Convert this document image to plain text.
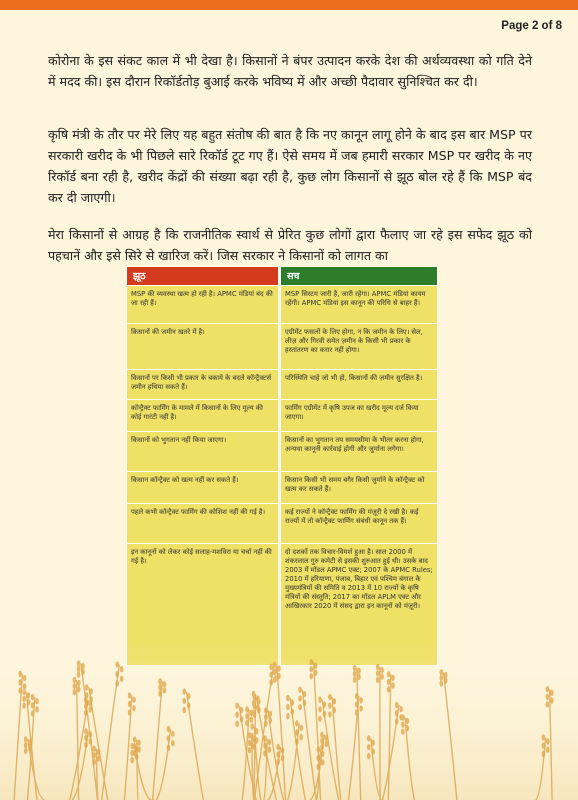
Page 2 of 8

कोरोना के इस संकट काल में भी देखा है। किसानों ने बंपर उत्पादन करके देश की अर्थव्यवस्था को गति देने में मदद की। इस दौरान रिकॉर्डतोड़ बुआई करके भविष्य में और अच्छी पैदावार सुनिश्चित कर दी।

कृषि मंत्री के तौर पर मेरे लिए यह बहुत संतोष की बात है कि नए कानून लागू होने के बाद इस बार MSP पर सरकारी खरीद के भी पिछले सारे रिकॉर्ड टूट गए हैं। ऐसे समय में जब हमारी सरकार MSP पर खरीद के नए रिकॉर्ड बना रही है, खरीद केंद्रों की संख्या बढ़ा रही है, कुछ लोग किसानों से झूठ बोल रहे हैं कि MSP बंद कर दी जाएगी।

मेरा किसानों से आग्रह है कि राजनीतिक स्वार्थ से प्रेरित कुछ लोगों द्वारा फैलाए जा रहे इस सफेद झूठ को पहचानें और इसे सिरे से खारिज करें। जिस सरकार ने किसानों को लागत का

झूठ		सच
MSP की व्यवस्था खत्म हो रही है। APMC मंडियां बंद की जा रही हैं।		MSP सिस्टम जारी है, जारी रहेगा। APMC मंडियां कायम रहेंगी। APMC मंडियां इस कानून की परिधि से बाहर हैं।
किसानों की जमीन खतरे में है।		एग्रीमेंट फसलों के लिए होगा, न कि जमीन के लिए। सेल, लीज़ और गिरवी समेत ज़मीन के किसी भी प्रकार के हस्तांतरण का करार नहीं होगा।
किसानों पर किसी भी प्रकार के बकाये के बदले कॉन्ट्रैक्टर्स जमीन हथिया सकते हैं।		परिस्थिति चाहे जो भी हो, किसानों की ज़मीन सुरक्षित है।
कॉन्ट्रैक्ट फार्मिंग के मामले में किसानों के लिए मूल्य की कोई गारंटी नहीं है।		फार्मिंग एग्रीमेंट में कृषि उपज का खरीद मूल्य दर्ज किया जाएगा।
किसानों को भुगतान नहीं किया जाएगा।		किसानों का भुगतान तय समयसीमा के भीतर करना होगा, अन्यथा कानूनी कार्रवाई होगी और जुर्माना लगेगा।
किसान कॉन्ट्रैक्ट को खत्म नहीं कर सकते हैं।		किसान किसी भी समय बगैर किसी जुर्माने के कॉन्ट्रैक्ट को खत्म कर सकते हैं।
पहले कभी कॉन्ट्रैक्ट फार्मिंग की कोशिश नहीं की गई है।		कई राज्यों ने कॉन्ट्रैक्ट फार्मिंग की मंज़ूरी दे रखी है। कई राज्यों में तो कॉन्ट्रैक्ट फार्मिंग संबंधी कानून तक हैं।
इन कानूनों को लेकर कोई सलाह-मशविरा या चर्चा नहीं की गई है।		दो दशकों तक विचार-विमर्श हुआ है। साल 2000 में शंकरलाल गुरु कमेटी से इसकी शुरुआत हुई थी। उसके बाद 2003 में मॉडल APMC एक्ट; 2007 के APMC Rules; 2010 में हरियाणा, पंजाब, बिहार एवं पश्चिम बंगाल के मुख्यमंत्रियों की समिति व 2013 में 10 राज्यों के कृषि मंत्रियों की संस्तुति; 2017 का मॉडल APLM एक्ट और आखिरकार 2020 में संसद द्वारा इन कानूनों को मंज़ूरी।
